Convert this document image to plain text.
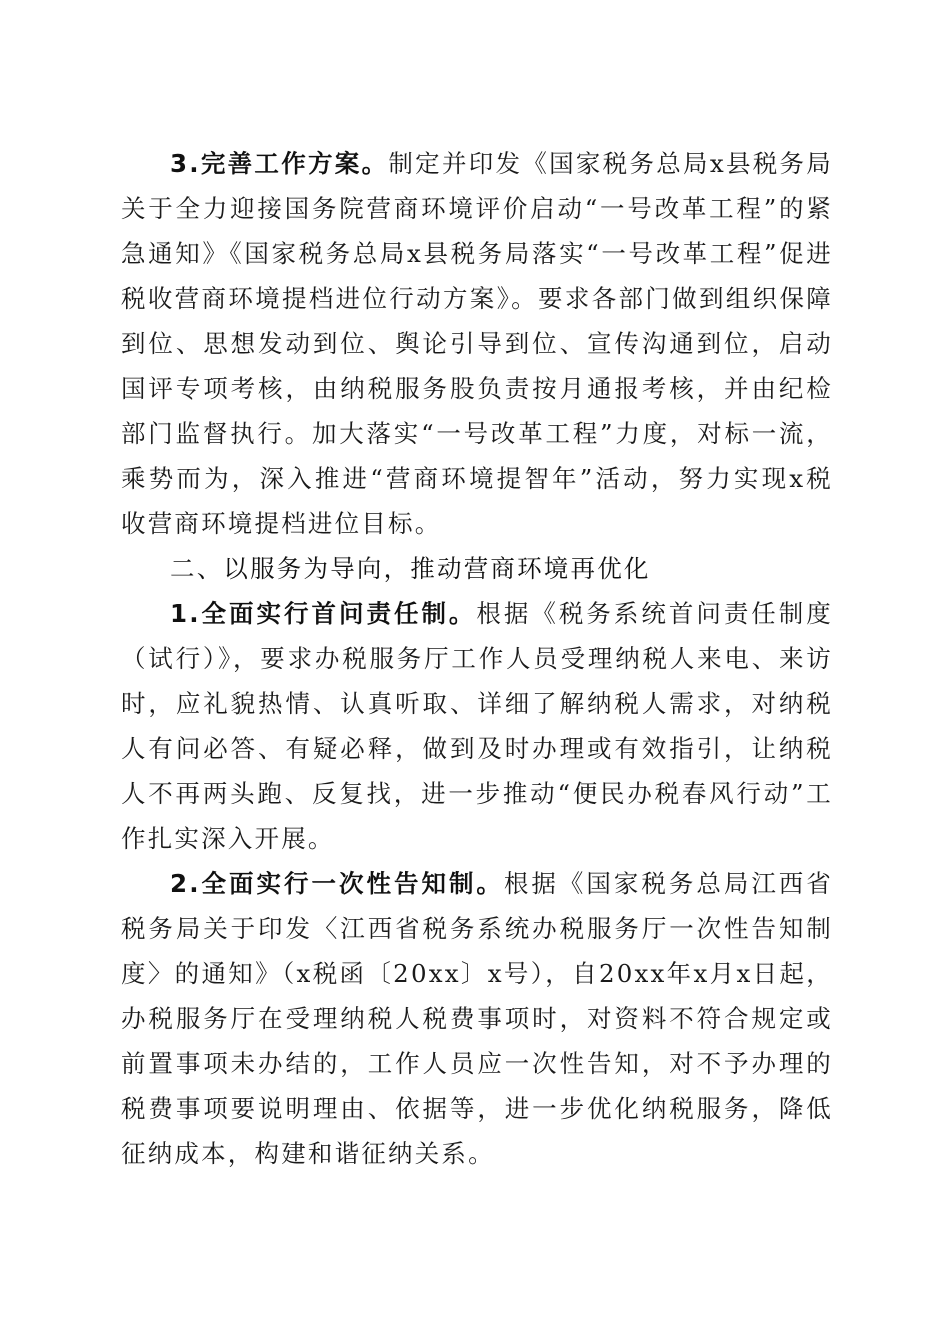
3.完善工作方案。制定并印发《国家税务总局x县税务局关于全力迎接国务院营商环境评价启动“一号改革工程”的紧急通知》《国家税务总局x县税务局落实“一号改革工程”促进税收营商环境提档进位行动方案》。要求各部门做到组织保障到位、思想发动到位、舆论引导到位、宣传沟通到位，启动国评专项考核，由纳税服务股负责按月通报考核，并由纪检部门监督执行。加大落实“一号改革工程”力度，对标一流，乘势而为，深入推进“营商环境提智年”活动，努力实现x税收营商环境提档进位目标。

二、以服务为导向，推动营商环境再优化

1.全面实行首问责任制。根据《税务系统首问责任制度（试行）》，要求办税服务厅工作人员受理纳税人来电、来访时，应礼貌热情、认真听取、详细了解纳税人需求，对纳税人有问必答、有疑必释，做到及时办理或有效指引，让纳税人不再两头跑、反复找，进一步推动“便民办税春风行动”工作扎实深入开展。

2.全面实行一次性告知制。根据《国家税务总局江西省税务局关于印发〈江西省税务系统办税服务厅一次性告知制度〉的通知》（x税函〔20xx〕x号），自20xx年x月x日起，办税服务厅在受理纳税人税费事项时，对资料不符合规定或前置事项未办结的，工作人员应一次性告知，对不予办理的税费事项要说明理由、依据等，进一步优化纳税服务，降低征纳成本，构建和谐征纳关系。
